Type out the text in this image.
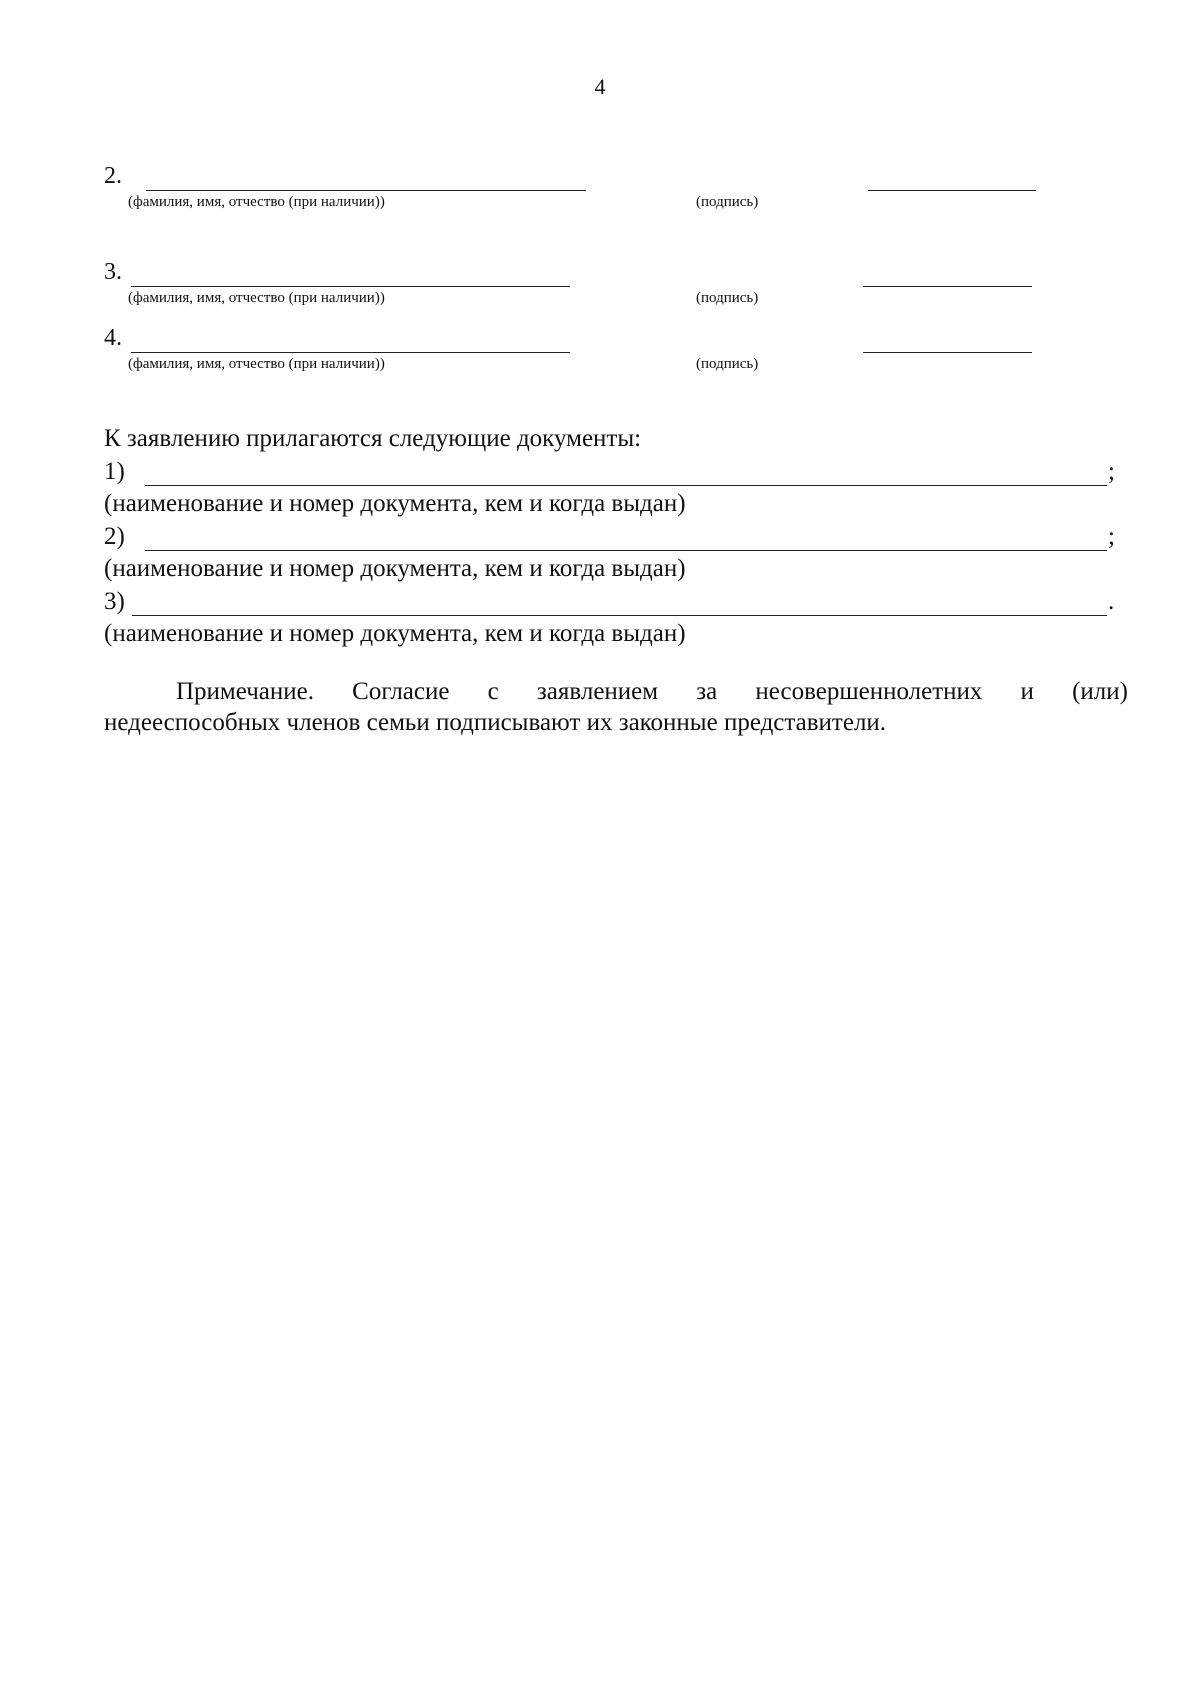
4
2.
(фамилия, имя, отчество (при наличии))	(подпись)
3.
(фамилия, имя, отчество (при наличии))	(подпись)
4.
(фамилия, имя, отчество (при наличии))	(подпись)
К заявлению прилагаются следующие документы:
1)	;
(наименование и номер документа, кем и когда выдан)
2)	;
(наименование и номер документа, кем и когда выдан)
3)	.
(наименование и номер документа, кем и когда выдан)
Примечание. Согласие с заявлением за несовершеннолетних и (или)
недееспособных членов семьи подписывают их законные представители.
